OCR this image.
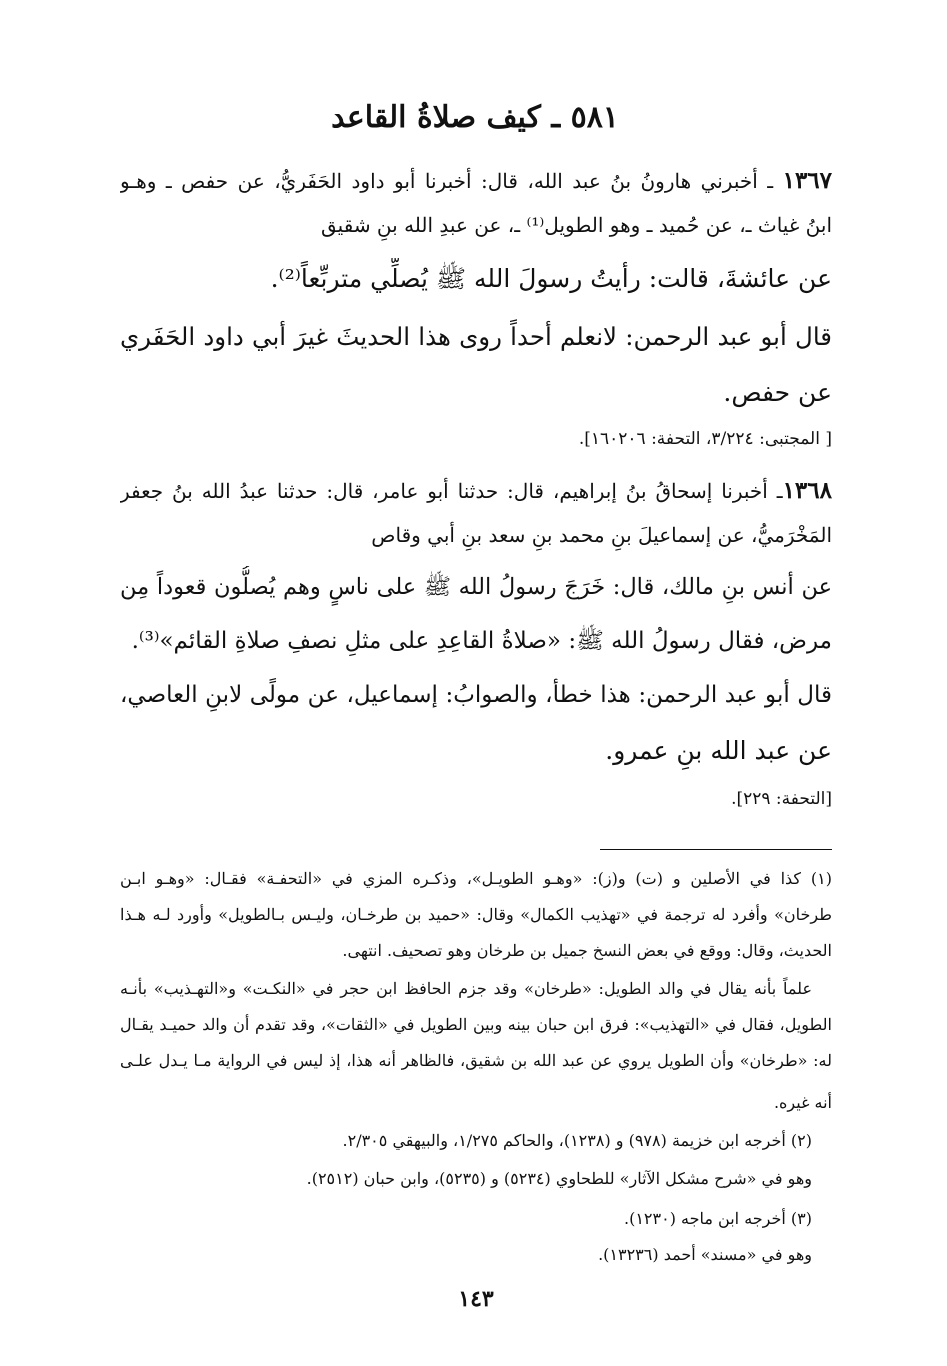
٥٨١ ـ كيف صلاةُ القاعد
١٣٦٧ ـ أخبرني هارونُ بنُ عبد الله، قال: أخبرنا أبو داود الحَفَريُّ، عن حفص ـ وهـو
ابنُ غياث ـ، عن حُميد ـ وهو الطويل⁽¹⁾ ـ، عن عبدِ الله بنِ شقيق
عن عائشةَ، قالت: رأيتُ رسولَ الله ﷺ يُصلِّي متربِّعاً⁽²⁾.
قال أبو عبد الرحمن: لانعلم أحداً روى هذا الحديثَ غيرَ أبي داود الحَفَري
عن حفص.
[ المجتبى: ٣/٢٢٤، التحفة: ١٦٠٢٠٦].
١٣٦٨ـ أخبرنا إسحاقُ بنُ إبراهيم، قال: حدثنا أبو عامر، قال: حدثنا عبدُ الله بنُ جعفر
المَخْرَميُّ، عن إسماعيلَ بنِ محمد بنِ سعد بنِ أبي وقاص
عن أنس بنِ مالك، قال: خَرَجَ رسولُ الله ﷺ على ناسٍ وهم يُصلُّون قعوداً مِن
مرض، فقال رسولُ الله ﷺ: «صلاةُ القاعِدِ على مثلِ نصفِ صلاةِ القائم»⁽³⁾.
قال أبو عبد الرحمن: هذا خطأ، والصوابُ: إسماعيل، عن مولًى لابنِ العاصي،
عن عبد الله بنِ عمرو.
[التحفة: ٢٢٩].
(١) كذا في الأصلين و (ت) و(ز): «وهـو الطويـل»، وذكـره المزي في «التحفـة» فقـال: «وهـو ابـن
طرخان» وأفرد له ترجمة في «تهذيب الكمال» وقال: «حميد بن طرخـان، وليـس بـالطويل» وأورد لـه هـذا
الحديث، وقال: ووقع في بعض النسخ جميل بن طرخان وهو تصحيف. انتهى.
علماً بأنه يقال في والد الطويل: «طرخان» وقد جزم الحافظ ابن حجر في «النكـت» و«التهـذيب» بأنـه
الطويل، فقال في «التهذيب»: فرق ابن حبان بينه وبين الطويل في «الثقات»، وقد تقدم أن والد حميـد يقـال
له: «طرخان» وأن الطويل يروي عن عبد الله بن شقيق، فالظاهر أنه هذا، إذ ليس في الرواية مـا يـدل علـى
أنه غيره.
(٢) أخرجه ابن خزيمة (٩٧٨) و (١٢٣٨)، والحاكم ١/٢٧٥، والبيهقي ٢/٣٠٥.
وهو في «شرح مشكل الآثار» للطحاوي (٥٢٣٤) و (٥٢٣٥)، وابن حبان (٢٥١٢).
(٣) أخرجه ابن ماجه (١٢٣٠).
وهو في «مسند» أحمد (١٣٢٣٦).
١٤٣
